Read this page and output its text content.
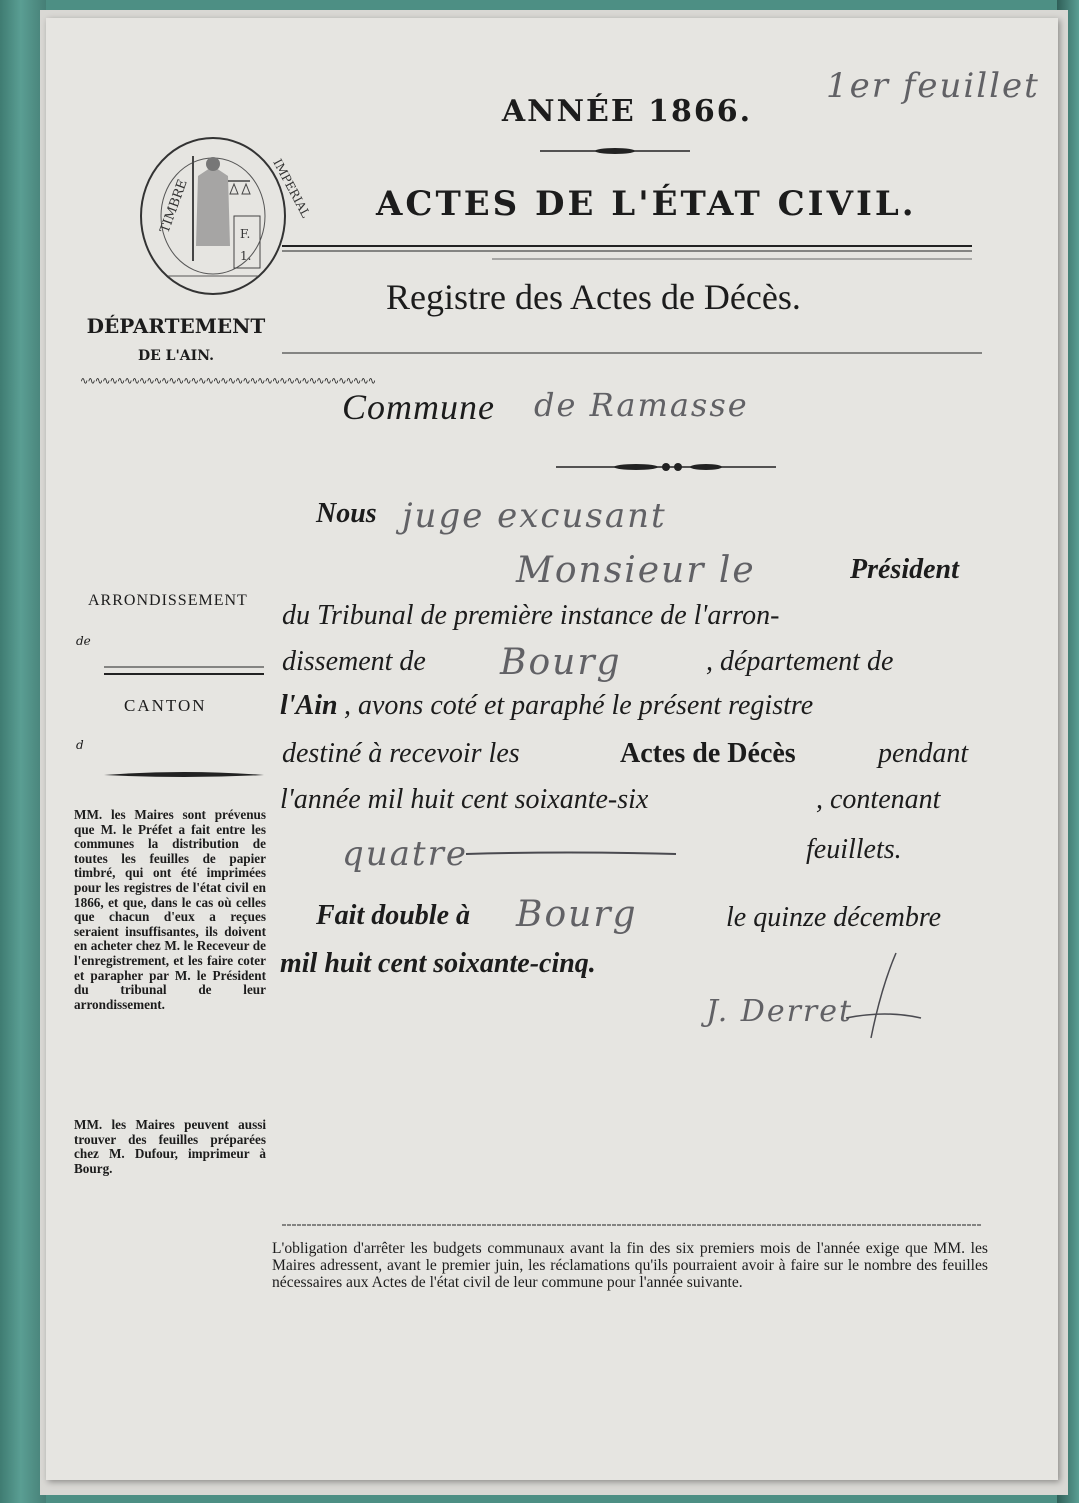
1er feuillet
F.
1.
TIMBRE	IMPERIAL
ANNÉE 1866.
ACTES DE L'ÉTAT CIVIL.
Registre des Actes de Décès.
Commune de Ramasse
DÉPARTEMENT
DE L'AIN.
∿∿∿∿∿∿∿∿∿∿∿∿∿∿∿∿∿∿∿∿∿∿∿∿∿∿∿∿∿∿∿∿∿∿∿∿∿∿∿∿
ARRONDISSEMENT
de
CANTON
d
MM. les Maires sont prévenus que M. le Préfet a fait entre les communes la distribution de toutes les feuilles de papier timbré, qui ont été imprimées pour les registres de l'état civil en 1866, et que, dans le cas où celles que chacun d'eux a reçues seraient insuffisantes, ils doivent en acheter chez M. le Receveur de l'enregistrement, et les faire coter et parapher par M. le Président du tribunal de leur arrondissement.
MM. les Maires peuvent aussi trouver des feuilles préparées chez M. Dufour, imprimeur à Bourg.
Nous juge excusant
Monsieur le	Président
du Tribunal de première instance de l'arron-
dissement de Bourg	, département de
l'Ain , avons coté et paraphé le présent registre
destiné à recevoir les	Actes de Décès	pendant
l'année mil huit cent soixante-six	, contenant
quatre	feuillets.
Fait double à Bourg	le quinze décembre
mil huit cent soixante-cinq.
J. Derret
L'obligation d'arrêter les budgets communaux avant la fin des six premiers mois de l'année exige que MM. les Maires adressent, avant le premier juin, les réclamations qu'ils pourraient avoir à faire sur le nombre des feuilles nécessaires aux Actes de l'état civil de leur commune pour l'année suivante.
